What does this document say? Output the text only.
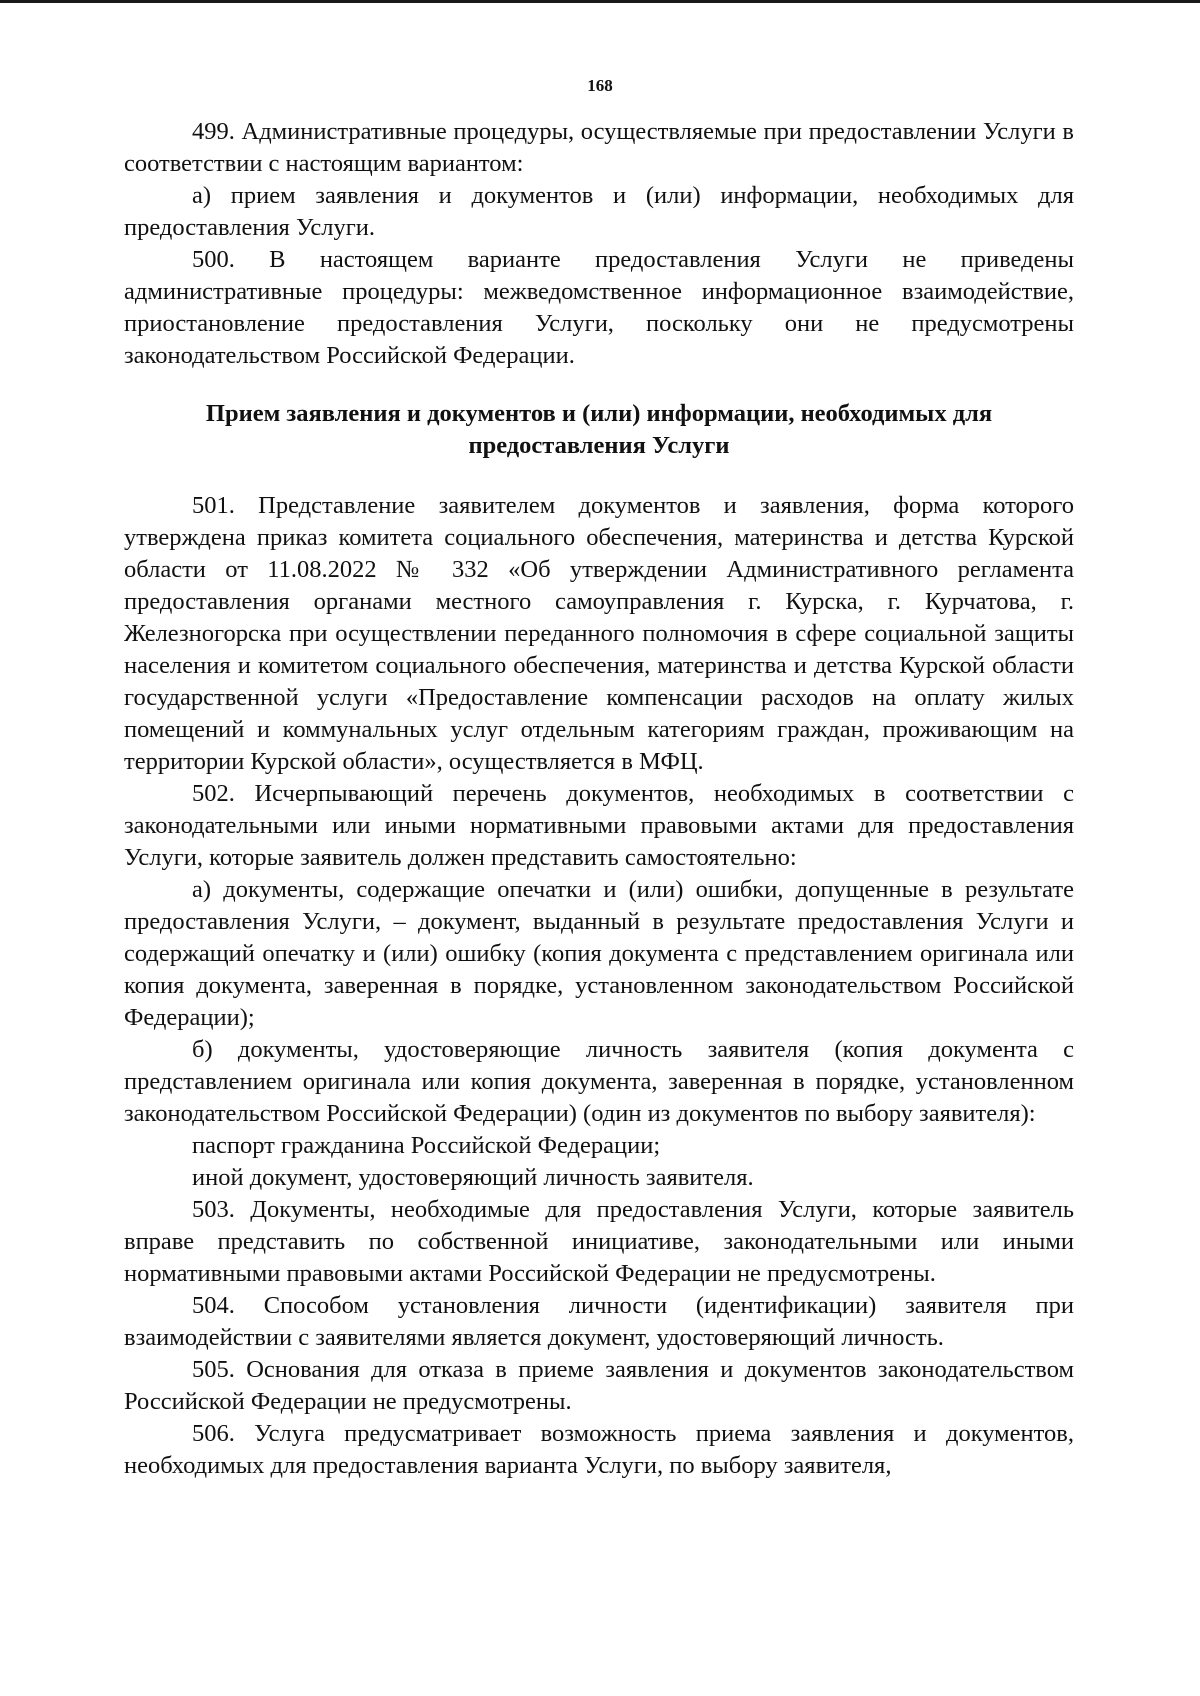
168

499. Административные процедуры, осуществляемые при предоставлении Услуги в соответствии с настоящим вариантом:

а) прием заявления и документов и (или) информации, необходимых для предоставления Услуги.

500. В настоящем варианте предоставления Услуги не приведены административные процедуры: межведомственное информационное взаимодействие, приостановление предоставления Услуги, поскольку они не предусмотрены законодательством Российской Федерации.

Прием заявления и документов и (или) информации, необходимых для предоставления Услуги

501. Представление заявителем документов и заявления, форма которого утверждена приказ комитета социального обеспечения, материнства и детства Курской области от 11.08.2022 № 332 «Об утверждении Административного регламента предоставления органами местного самоуправления г. Курска, г. Курчатова, г. Железногорска при осуществлении переданного полномочия в сфере социальной защиты населения и комитетом социального обеспечения, материнства и детства Курской области государственной услуги «Предоставление компенсации расходов на оплату жилых помещений и коммунальных услуг отдельным категориям граждан, проживающим на территории Курской области», осуществляется в МФЦ.

502. Исчерпывающий перечень документов, необходимых в соответствии с законодательными или иными нормативными правовыми актами для предоставления Услуги, которые заявитель должен представить самостоятельно:

а) документы, содержащие опечатки и (или) ошибки, допущенные в результате предоставления Услуги, – документ, выданный в результате предоставления Услуги и содержащий опечатку и (или) ошибку (копия документа с представлением оригинала или копия документа, заверенная в порядке, установленном законодательством Российской Федерации);

б) документы, удостоверяющие личность заявителя (копия документа с представлением оригинала или копия документа, заверенная в порядке, установленном законодательством Российской Федерации) (один из документов по выбору заявителя):

паспорт гражданина Российской Федерации;

иной документ, удостоверяющий личность заявителя.

503. Документы, необходимые для предоставления Услуги, которые заявитель вправе представить по собственной инициативе, законодательными или иными нормативными правовыми актами Российской Федерации не предусмотрены.

504. Способом установления личности (идентификации) заявителя при взаимодействии с заявителями является документ, удостоверяющий личность.

505. Основания для отказа в приеме заявления и документов законодательством Российской Федерации не предусмотрены.

506. Услуга предусматривает возможность приема заявления и документов, необходимых для предоставления варианта Услуги, по выбору заявителя,
